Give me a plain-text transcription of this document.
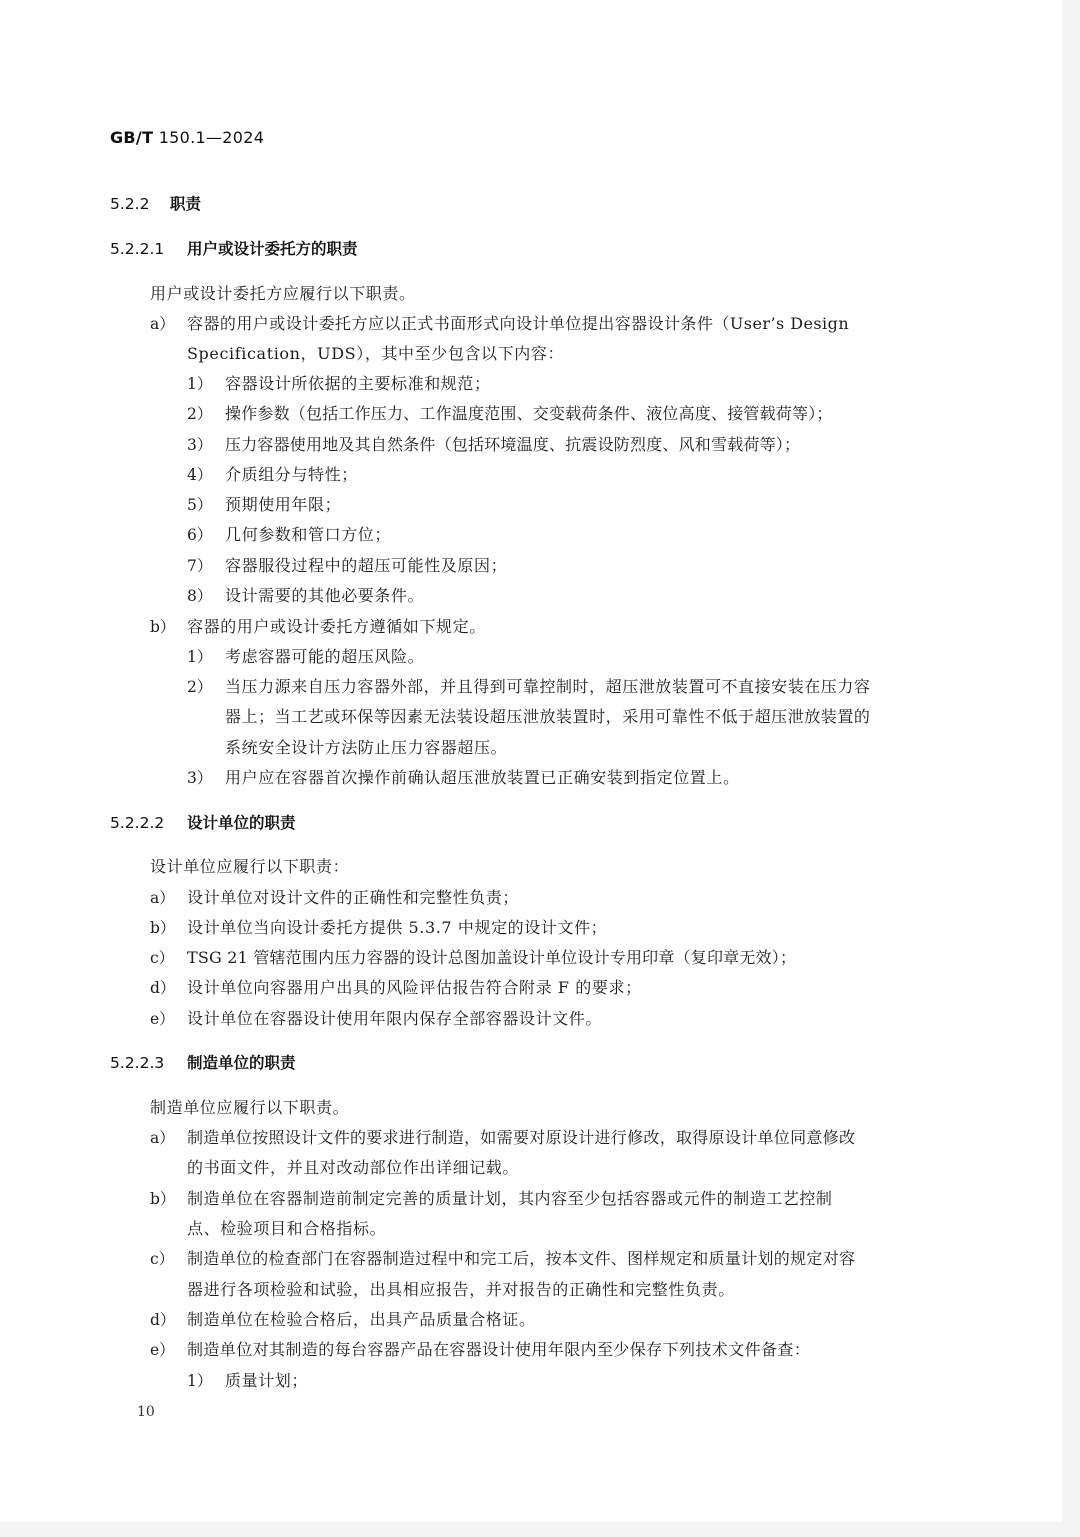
GB/T 150.1—2024
5.2.2 职责
5.2.2.1 用户或设计委托方的职责
用户或设计委托方应履行以下职责。
a） 容器的用户或设计委托方应以正式书面形式向设计单位提出容器设计条件（User’s Design
Specification，UDS），其中至少包含以下内容：
1） 容器设计所依据的主要标准和规范；
2） 操作参数（包括工作压力、工作温度范围、交变载荷条件、液位高度、接管载荷等）；
3） 压力容器使用地及其自然条件（包括环境温度、抗震设防烈度、风和雪载荷等）；
4） 介质组分与特性；
5） 预期使用年限；
6） 几何参数和管口方位；
7） 容器服役过程中的超压可能性及原因；
8） 设计需要的其他必要条件。
b） 容器的用户或设计委托方遵循如下规定。
1） 考虑容器可能的超压风险。
2） 当压力源来自压力容器外部，并且得到可靠控制时，超压泄放装置可不直接安装在压力容
器上；当工艺或环保等因素无法装设超压泄放装置时，采用可靠性不低于超压泄放装置的
系统安全设计方法防止压力容器超压。
3） 用户应在容器首次操作前确认超压泄放装置已正确安装到指定位置上。
5.2.2.2 设计单位的职责
设计单位应履行以下职责：
a） 设计单位对设计文件的正确性和完整性负责；
b） 设计单位当向设计委托方提供 5.3.7 中规定的设计文件；
c） TSG 21 管辖范围内压力容器的设计总图加盖设计单位设计专用印章（复印章无效）；
d） 设计单位向容器用户出具的风险评估报告符合附录 F 的要求；
e） 设计单位在容器设计使用年限内保存全部容器设计文件。
5.2.2.3 制造单位的职责
制造单位应履行以下职责。
a） 制造单位按照设计文件的要求进行制造，如需要对原设计进行修改，取得原设计单位同意修改
的书面文件，并且对改动部位作出详细记载。
b） 制造单位在容器制造前制定完善的质量计划，其内容至少包括容器或元件的制造工艺控制
点、检验项目和合格指标。
c） 制造单位的检查部门在容器制造过程中和完工后，按本文件、图样规定和质量计划的规定对容
器进行各项检验和试验，出具相应报告，并对报告的正确性和完整性负责。
d） 制造单位在检验合格后，出具产品质量合格证。
e） 制造单位对其制造的每台容器产品在容器设计使用年限内至少保存下列技术文件备查：
1） 质量计划；
10
